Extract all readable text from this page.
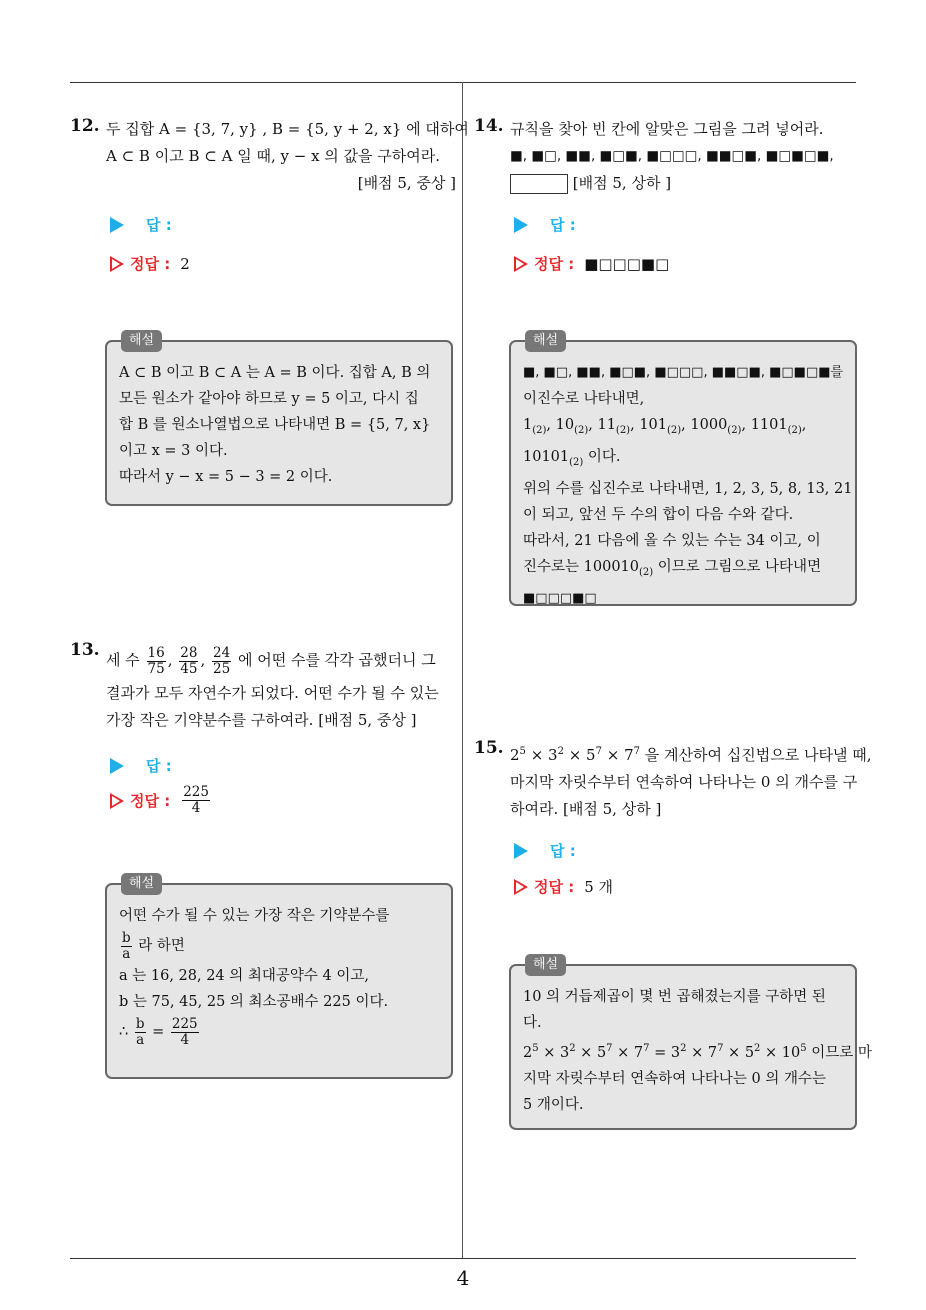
4
12. 두 집합 A = {3, 7, y} , B = {5, y + 2, x} 에 대하여
A ⊂ B 이고 B ⊂ A 일 때, y − x 의 값을 구하여라.
[배점 5, 중상 ]
답 :
정답 : 2
해설
A ⊂ B 이고 B ⊂ A 는 A = B 이다. 집합 A, B 의
모든 원소가 같아야 하므로 y = 5 이고, 다시 집
합 B 를 원소나열법으로 나타내면 B = {5, 7, x}
이고 x = 3 이다.
따라서 y − x = 5 − 3 = 2 이다.
13. 세 수 $\frac{16}{75}$ , $\frac{28}{45}$ , $\frac{24}{25}$ 에 어떤 수를 각각 곱했더니 그
결과가 모두 자연수가 되었다. 어떤 수가 될 수 있는
가장 작은 기약분수를 구하여라. [배점 5, 중상 ]
답 :
정답 : $\frac{225}{4}$
해설
어떤 수가 될 수 있는 가장 작은 기약분수를
$\frac{b}{a}$ 라 하면
a 는 16, 28, 24 의 최대공약수 4 이고,
b 는 75, 45, 25 의 최소공배수 225 이다.
∴ $\frac{b}{a} = \frac{225}{4}$
14. 규칙을 찾아 빈 칸에 알맞은 그림을 그려 넣어라.
■, ■□, ■■, ■□■, ■□□□, ■■□■, ■□■□■,
[배점 5, 상하 ]
답 :
정답 : ■□□□■□
해설
■, ■□, ■■, ■□■, ■□□□, ■■□■, ■□■□■를
이진수로 나타내면,
$1_{(2)}$, $10_{(2)}$, $11_{(2)}$, $101_{(2)}$, $1000_{(2)}$, $1101_{(2)}$,
$10101_{(2)}$ 이다.
위의 수를 십진수로 나타내면, 1, 2, 3, 5, 8, 13, 21
이 되고, 앞선 두 수의 합이 다음 수와 같다.
따라서, 21 다음에 올 수 있는 수는 34 이고, 이
진수로는 $100010_{(2)}$ 이므로 그림으로 나타내면
■□□□■□
15. $2^5 \times 3^2 \times 5^7 \times 7^7$ 을 계산하여 십진법으로 나타낼 때,
마지막 자릿수부터 연속하여 나타나는 0 의 개수를 구
하여라. [배점 5, 상하 ]
답 :
정답 : 5 개
해설
10 의 거듭제곱이 몇 번 곱해졌는지를 구하면 된
다.
$2^5 \times 3^2 \times 5^7 \times 7^7 = 3^2 \times 7^7 \times 5^2 \times 10^5$ 이므로 마
지막 자릿수부터 연속하여 나타나는 0 의 개수는
5 개이다.
